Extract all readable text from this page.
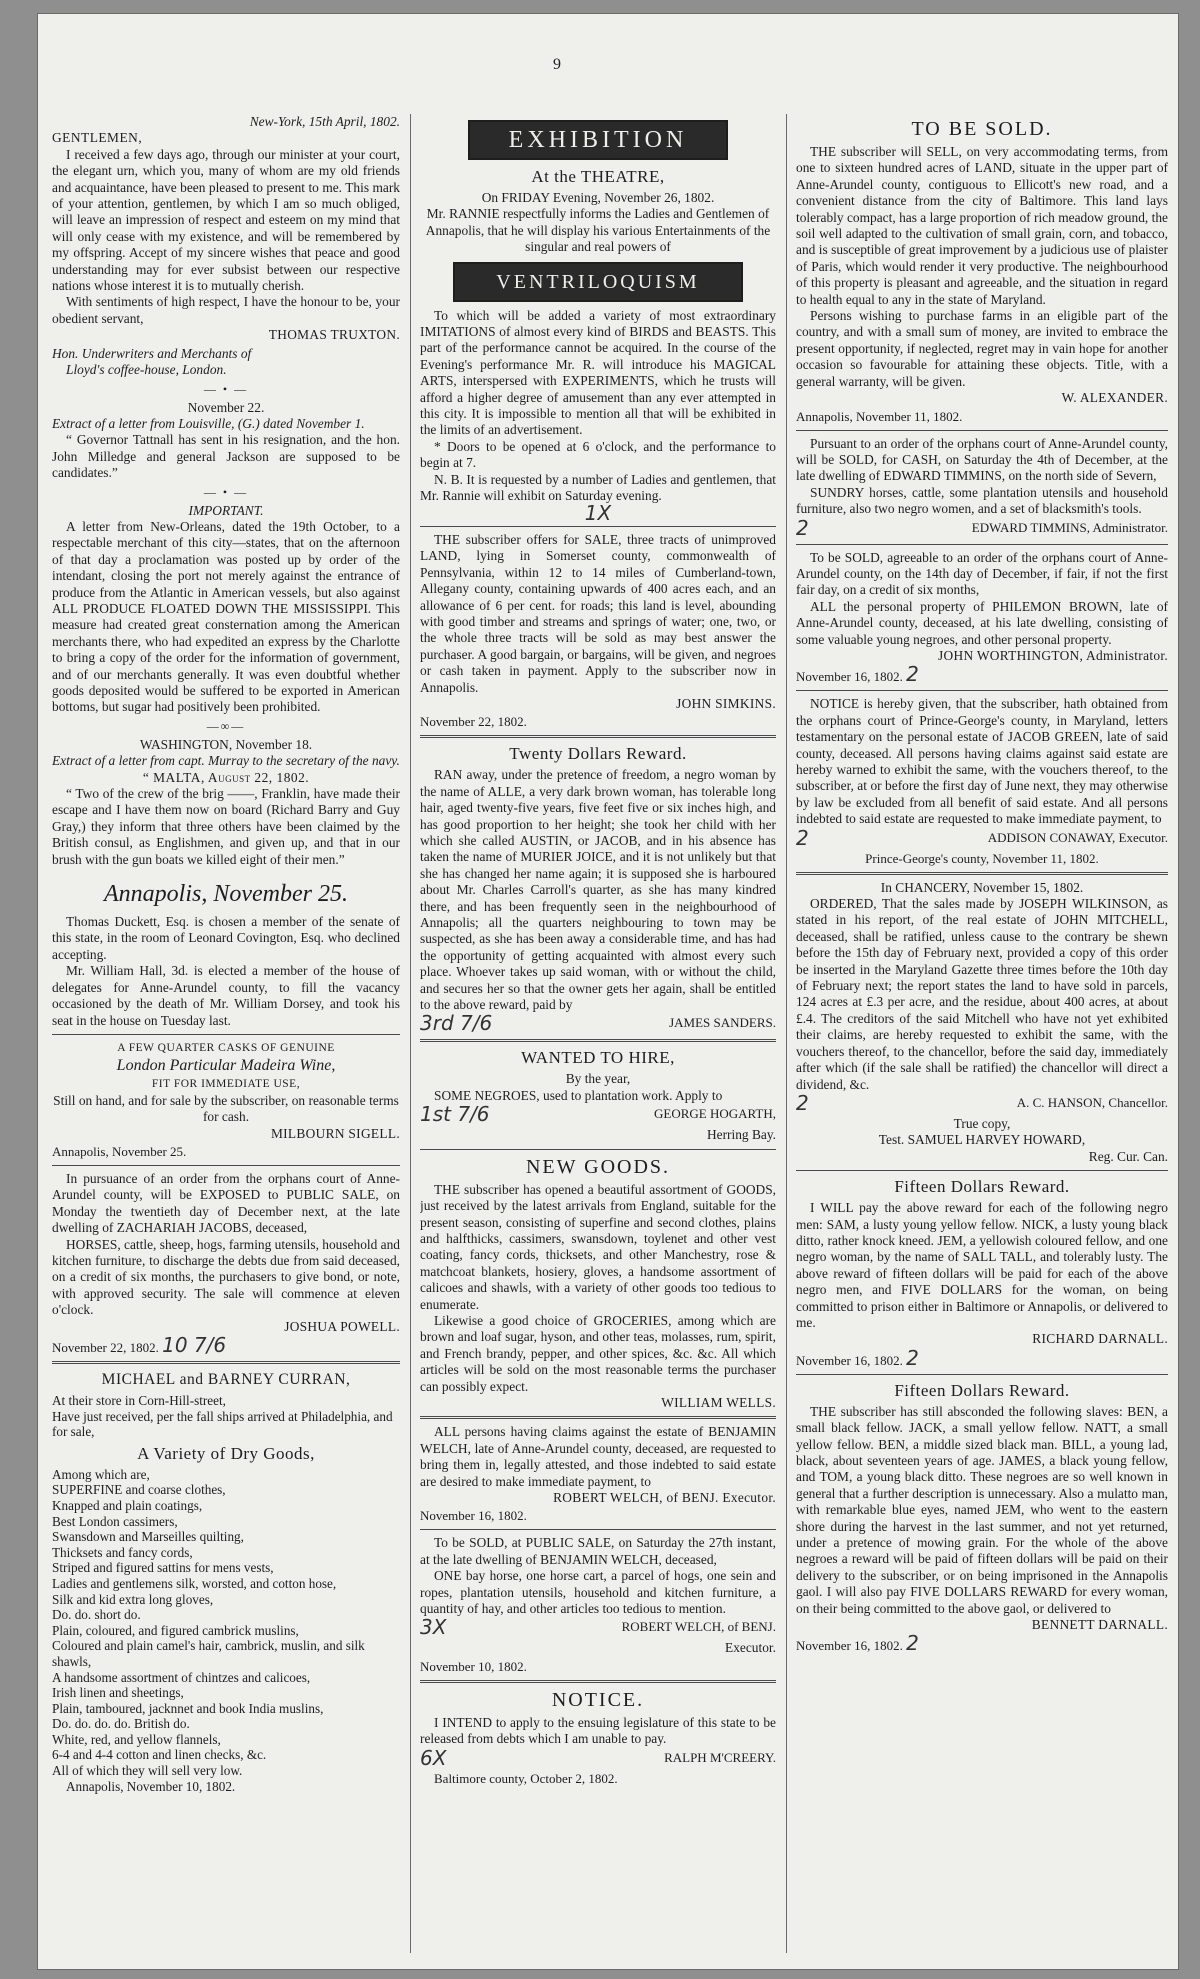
9

New-York, 15th April, 1802.

GENTLEMEN,

I received a few days ago, through our minister at your court, the elegant urn, which you, many of whom are my old friends and acquaintance, have been pleased to present to me. This mark of your attention, gentlemen, by which I am so much obliged, will leave an impression of respect and esteem on my mind that will only cease with my existence, and will be remembered by my offspring. Accept of my sincere wishes that peace and good understanding may for ever subsist between our respective nations whose interest it is to mutually cherish.

With sentiments of high respect, I have the honour to be, your obedient servant,

THOMAS TRUXTON.

Hon. Underwriters and Merchants of

Lloyd's coffee-house, London.

— • —

November 22.

Extract of a letter from Louisville, (G.) dated November 1.

“ Governor Tattnall has sent in his resignation, and the hon. John Milledge and general Jackson are supposed to be candidates.”

— • —

IMPORTANT.

A letter from New-Orleans, dated the 19th October, to a respectable merchant of this city—states, that on the afternoon of that day a proclamation was posted up by order of the intendant, closing the port not merely against the entrance of produce from the Atlantic in American vessels, but also against ALL PRODUCE FLOATED DOWN THE MISSISSIPPI. This measure had created great consternation among the American merchants there, who had expedited an express by the Charlotte to bring a copy of the order for the information of government, and of our merchants generally. It was even doubtful whether goods deposited would be suffered to be exported in American bottoms, but sugar had positively been prohibited.

—∞—

WASHINGTON, November 18.

Extract of a letter from capt. Murray to the secretary of the navy.

“ MALTA, August 22, 1802.

“ Two of the crew of the brig ——, Franklin, have made their escape and I have them now on board (Richard Barry and Guy Gray,) they inform that three others have been claimed by the British consul, as Englishmen, and given up, and that in our brush with the gun boats we killed eight of their men.”

Annapolis, November 25.

Thomas Duckett, Esq. is chosen a member of the senate of this state, in the room of Leonard Covington, Esq. who declined accepting.

Mr. William Hall, 3d. is elected a member of the house of delegates for Anne-Arundel county, to fill the vacancy occasioned by the death of Mr. William Dorsey, and took his seat in the house on Tuesday last.

A FEW QUARTER CASKS OF GENUINE

London Particular Madeira Wine,

FIT FOR IMMEDIATE USE,

Still on hand, and for sale by the subscriber, on reasonable terms for cash.

MILBOURN SIGELL.

Annapolis, November 25.

In pursuance of an order from the orphans court of Anne-Arundel county, will be EXPOSED to PUBLIC SALE, on Monday the twentieth day of December next, at the late dwelling of ZACHARIAH JACOBS, deceased,

HORSES, cattle, sheep, hogs, farming utensils, household and kitchen furniture, to discharge the debts due from said deceased, on a credit of six months, the purchasers to give bond, or note, with approved security. The sale will commence at eleven o'clock.

JOSHUA POWELL.

November 22, 1802. 10 7/6

MICHAEL and BARNEY CURRAN,

At their store in Corn-Hill-street,

Have just received, per the fall ships arrived at Philadelphia, and for sale,

A Variety of Dry Goods,

Among which are,

SUPERFINE and coarse clothes,

Knapped and plain coatings,

Best London cassimers,

Swansdown and Marseilles quilting,

Thicksets and fancy cords,

Striped and figured sattins for mens vests,

Ladies and gentlemens silk, worsted, and cotton hose,

Silk and kid extra long gloves,

Do. do. short do.

Plain, coloured, and figured cambrick muslins,

Coloured and plain camel's hair, cambrick, muslin, and silk shawls,

A handsome assortment of chintzes and calicoes,

Irish linen and sheetings,

Plain, tamboured, jacknnet and book India muslins,

Do. do. do. do. British do.

White, red, and yellow flannels,

6-4 and 4-4 cotton and linen checks, &c.

All of which they will sell very low.

Annapolis, November 10, 1802.

EXHIBITION
At the THEATRE,

On FRIDAY Evening, November 26, 1802.

Mr. RANNIE respectfully informs the Ladies and Gentlemen of Annapolis, that he will display his various Entertainments of the singular and real powers of

VENTRILOQUISM

To which will be added a variety of most extraordinary IMITATIONS of almost every kind of BIRDS and BEASTS. This part of the performance cannot be acquired. In the course of the Evening's performance Mr. R. will introduce his MAGICAL ARTS, interspersed with EXPERIMENTS, which he trusts will afford a higher degree of amusement than any ever attempted in this city. It is impossible to mention all that will be exhibited in the limits of an advertisement.

* Doors to be opened at 6 o'clock, and the performance to begin at 7.

N. B. It is requested by a number of Ladies and gentlemen, that Mr. Rannie will exhibit on Saturday evening.

1X

THE subscriber offers for SALE, three tracts of unimproved LAND, lying in Somerset county, commonwealth of Pennsylvania, within 12 to 14 miles of Cumberland-town, Allegany county, containing upwards of 400 acres each, and an allowance of 6 per cent. for roads; this land is level, abounding with good timber and streams and springs of water; one, two, or the whole three tracts will be sold as may best answer the purchaser. A good bargain, or bargains, will be given, and negroes or cash taken in payment. Apply to the subscriber now in Annapolis.

JOHN SIMKINS.

November 22, 1802.

Twenty Dollars Reward.

RAN away, under the pretence of freedom, a negro woman by the name of ALLE, a very dark brown woman, has tolerable long hair, aged twenty-five years, five feet five or six inches high, and has good proportion to her height; she took her child with her which she called AUSTIN, or JACOB, and in his absence has taken the name of MURIER JOICE, and it is not unlikely but that she has changed her name again; it is supposed she is harboured about Mr. Charles Carroll's quarter, as she has many kindred there, and has been frequently seen in the neighbourhood of Annapolis; all the quarters neighbouring to town may be suspected, as she has been away a considerable time, and has had the opportunity of getting acquainted with almost every such place. Whoever takes up said woman, with or without the child, and secures her so that the owner gets her again, shall be entitled to the above reward, paid by

3rd 7/6	JAMES SANDERS.

WANTED TO HIRE,

By the year,

SOME NEGROES, used to plantation work. Apply to

1st 7/6	GEORGE HOGARTH,

Herring Bay.

NEW GOODS.

THE subscriber has opened a beautiful assortment of GOODS, just received by the latest arrivals from England, suitable for the present season, consisting of superfine and second clothes, plains and halfthicks, cassimers, swansdown, toylenet and other vest coating, fancy cords, thicksets, and other Manchestry, rose & matchcoat blankets, hosiery, gloves, a handsome assortment of calicoes and shawls, with a variety of other goods too tedious to enumerate.

Likewise a good choice of GROCERIES, among which are brown and loaf sugar, hyson, and other teas, molasses, rum, spirit, and French brandy, pepper, and other spices, &c. &c. All which articles will be sold on the most reasonable terms the purchaser can possibly expect.

WILLIAM WELLS.

ALL persons having claims against the estate of BENJAMIN WELCH, late of Anne-Arundel county, deceased, are requested to bring them in, legally attested, and those indebted to said estate are desired to make immediate payment, to

ROBERT WELCH, of BENJ. Executor.

November 16, 1802.

To be SOLD, at PUBLIC SALE, on Saturday the 27th instant, at the late dwelling of BENJAMIN WELCH, deceased,

ONE bay horse, one horse cart, a parcel of hogs, one sein and ropes, plantation utensils, household and kitchen furniture, a quantity of hay, and other articles too tedious to mention.

3X	ROBERT WELCH, of BENJ.

Executor.

November 10, 1802.

NOTICE.

I INTEND to apply to the ensuing legislature of this state to be released from debts which I am unable to pay.

6X	RALPH M'CREERY.

Baltimore county, October 2, 1802.

TO BE SOLD.

THE subscriber will SELL, on very accommodating terms, from one to sixteen hundred acres of LAND, situate in the upper part of Anne-Arundel county, contiguous to Ellicott's new road, and a convenient distance from the city of Baltimore. This land lays tolerably compact, has a large proportion of rich meadow ground, the soil well adapted to the cultivation of small grain, corn, and tobacco, and is susceptible of great improvement by a judicious use of plaister of Paris, which would render it very productive. The neighbourhood of this property is pleasant and agreeable, and the situation in regard to health equal to any in the state of Maryland.

Persons wishing to purchase farms in an eligible part of the country, and with a small sum of money, are invited to embrace the present opportunity, if neglected, regret may in vain hope for another occasion so favourable for attaining these objects. Title, with a general warranty, will be given.

W. ALEXANDER.

Annapolis, November 11, 1802.

Pursuant to an order of the orphans court of Anne-Arundel county, will be SOLD, for CASH, on Saturday the 4th of December, at the late dwelling of EDWARD TIMMINS, on the north side of Severn,

SUNDRY horses, cattle, some plantation utensils and household furniture, also two negro women, and a set of blacksmith's tools.

2	EDWARD TIMMINS, Administrator.

To be SOLD, agreeable to an order of the orphans court of Anne-Arundel county, on the 14th day of December, if fair, if not the first fair day, on a credit of six months,

ALL the personal property of PHILEMON BROWN, late of Anne-Arundel county, deceased, at his late dwelling, consisting of some valuable young negroes, and other personal property.

JOHN WORTHINGTON, Administrator.

November 16, 1802. 2

NOTICE is hereby given, that the subscriber, hath obtained from the orphans court of Prince-George's county, in Maryland, letters testamentary on the personal estate of JACOB GREEN, late of said county, deceased. All persons having claims against said estate are hereby warned to exhibit the same, with the vouchers thereof, to the subscriber, at or before the first day of June next, they may otherwise by law be excluded from all benefit of said estate. And all persons indebted to said estate are requested to make immediate payment, to

2	ADDISON CONAWAY, Executor.

Prince-George's county, November 11, 1802.

In CHANCERY, November 15, 1802.

ORDERED, That the sales made by JOSEPH WILKINSON, as stated in his report, of the real estate of JOHN MITCHELL, deceased, shall be ratified, unless cause to the contrary be shewn before the 15th day of February next, provided a copy of this order be inserted in the Maryland Gazette three times before the 10th day of February next; the report states the land to have sold in parcels, 124 acres at £.3 per acre, and the residue, about 400 acres, at about £.4. The creditors of the said Mitchell who have not yet exhibited their claims, are hereby requested to exhibit the same, with the vouchers thereof, to the chancellor, before the said day, immediately after which (if the sale shall be ratified) the chancellor will direct a dividend, &c.

2	A. C. HANSON, Chancellor.

True copy,

Test. SAMUEL HARVEY HOWARD,

Reg. Cur. Can.

Fifteen Dollars Reward.

I WILL pay the above reward for each of the following negro men: SAM, a lusty young yellow fellow. NICK, a lusty young black ditto, rather knock kneed. JEM, a yellowish coloured fellow, and one negro woman, by the name of SALL TALL, and tolerably lusty. The above reward of fifteen dollars will be paid for each of the above negro men, and FIVE DOLLARS for the woman, on being committed to prison either in Baltimore or Annapolis, or delivered to me.

RICHARD DARNALL.

November 16, 1802. 2

Fifteen Dollars Reward.

THE subscriber has still absconded the following slaves: BEN, a small black fellow. JACK, a small yellow fellow. NATT, a small yellow fellow. BEN, a middle sized black man. BILL, a young lad, black, about seventeen years of age. JAMES, a black young fellow, and TOM, a young black ditto. These negroes are so well known in general that a further description is unnecessary. Also a mulatto man, with remarkable blue eyes, named JEM, who went to the eastern shore during the harvest in the last summer, and not yet returned, under a pretence of mowing grain. For the whole of the above negroes a reward will be paid of fifteen dollars will be paid on their delivery to the subscriber, or on being imprisoned in the Annapolis gaol. I will also pay FIVE DOLLARS REWARD for every woman, on their being committed to the above gaol, or delivered to

BENNETT DARNALL.

November 16, 1802. 2
